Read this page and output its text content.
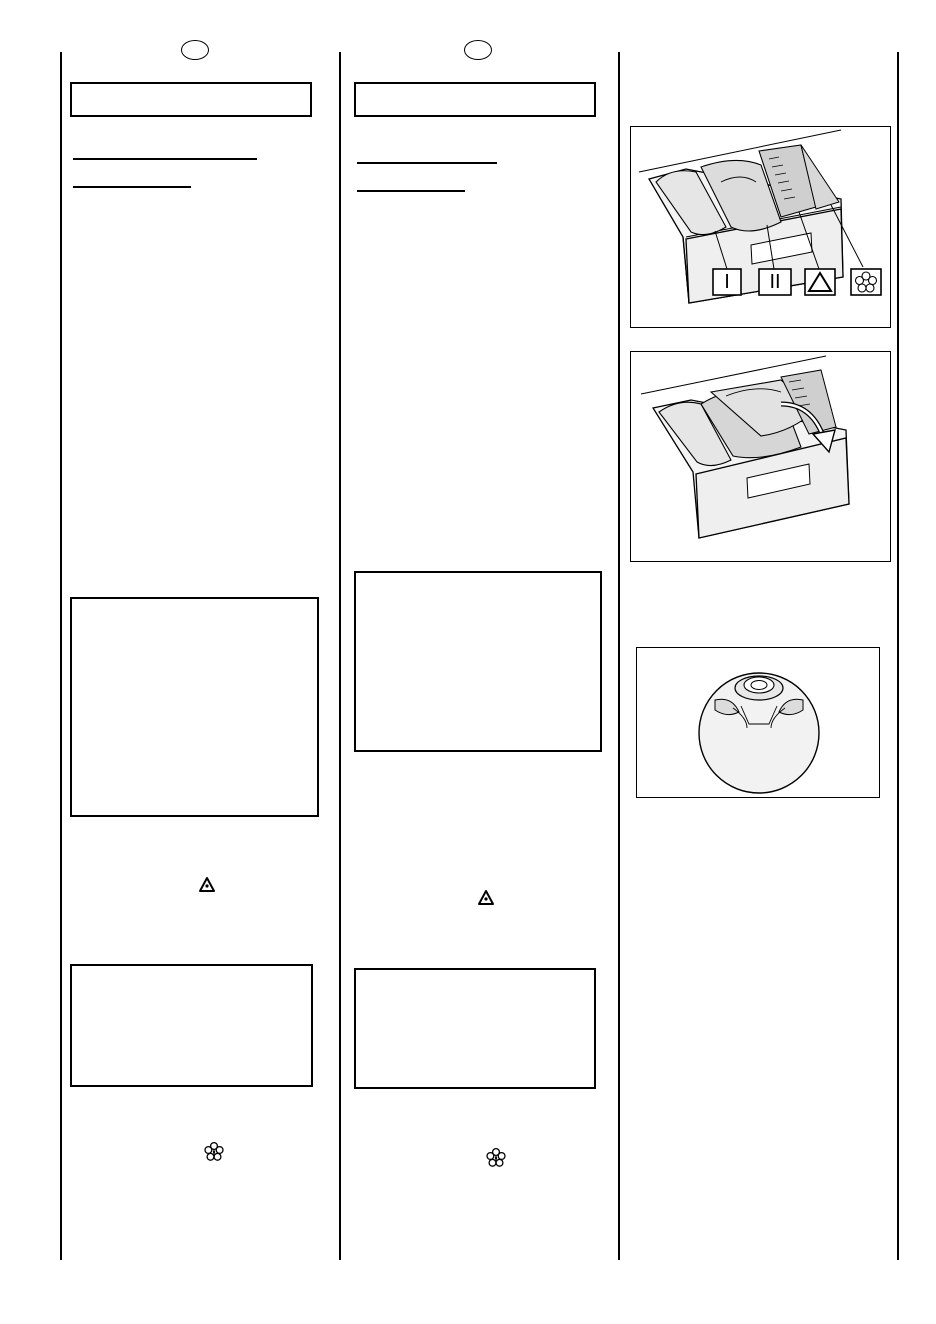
I	II
